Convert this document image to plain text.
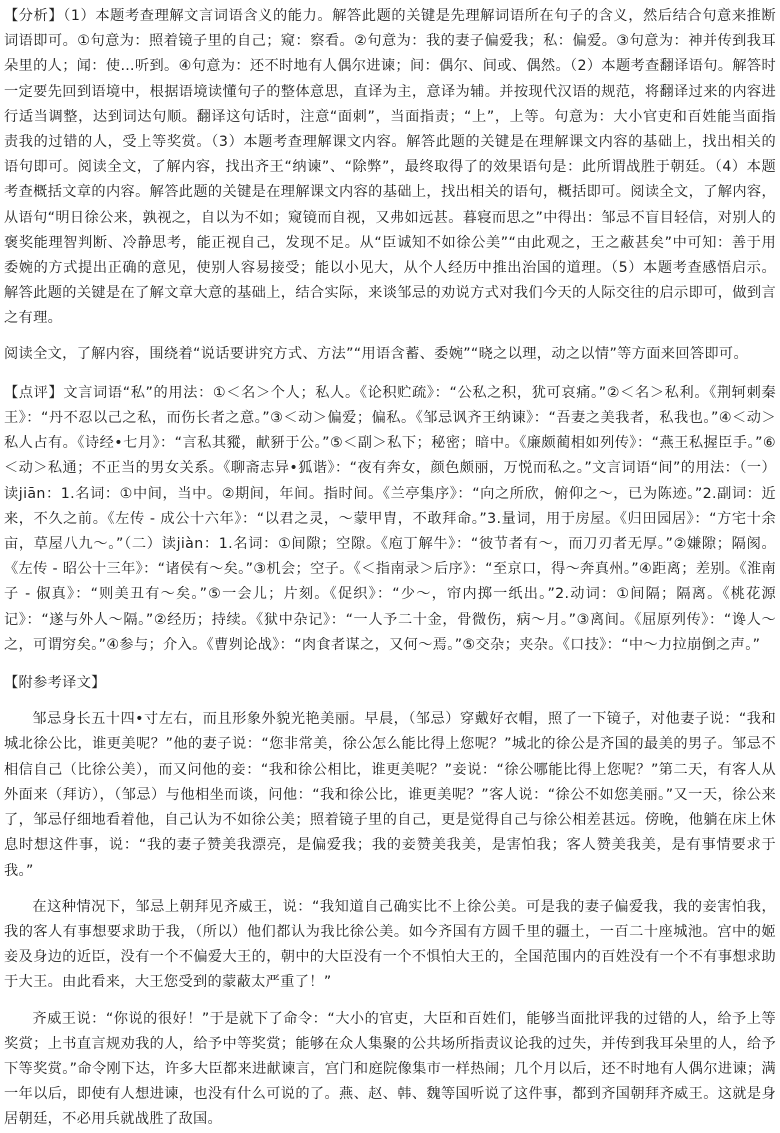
【分析】（1）本题考查理解文言词语含义的能力。解答此题的关键是先理解词语所在句子的含义，然后结合句意来推断词语即可。①句意为：照着镜子里的自己；窥：察看。②句意为：我的妻子偏爱我；私：偏爱。③句意为：神并传到我耳朵里的人；闻：使…听到。④句意为：还不时地有人偶尔进谏；间：偶尔、间或、偶然。（2）本题考查翻译语句。解答时一定要先回到语境中，根据语境读懂句子的整体意思，直译为主，意译为辅。并按现代汉语的规范，将翻译过来的内容进行适当调整，达到词达句顺。翻译这句话时，注意“面刺”，当面指责；“上”，上等。句意为：大小官吏和百姓能当面指责我的过错的人，受上等奖赏。（3）本题考查理解课文内容。解答此题的关键是在理解课文内容的基础上，找出相关的语句即可。阅读全文，了解内容，找出齐王“纳谏”、“除弊”，最终取得了的效果语句是：此所谓战胜于朝廷。（4）本题考查概括文章的内容。解答此题的关键是在理解课文内容的基础上，找出相关的语句，概括即可。阅读全文，了解内容，从语句“明日徐公来，孰视之，自以为不如；窥镜而自视，又弗如远甚。暮寝而思之”中得出：邹忌不盲目轻信，对别人的褒奖能理智判断、冷静思考，能正视自己，发现不足。从“臣诚知不如徐公美”“由此观之，王之蔽甚矣”中可知：善于用委婉的方式提出正确的意见，使别人容易接受；能以小见大，从个人经历中推出治国的道理。（5）本题考查感悟启示。解答此题的关键是在了解文章大意的基础上，结合实际，来谈邹忌的劝说方式对我们今天的人际交往的启示即可，做到言之有理。

阅读全文，了解内容，围绕着“说话要讲究方式、方法”“用语含蓄、委婉”“晓之以理，动之以情”等方面来回答即可。

【点评】文言词语“私”的用法：①＜名＞个人；私人。《论积贮疏》：“公私之积，犹可哀痛。”②＜名＞私利。《荆轲刺秦王》：“丹不忍以己之私，而伤长者之意。”③＜动＞偏爱；偏私。《邹忌讽齐王纳谏》：“吾妻之美我者，私我也。”④＜动＞私人占有。《诗经•七月》：“言私其豵，献豜于公。”⑤＜副＞私下；秘密；暗中。《廉颇蔺相如列传》：“燕王私握臣手。”⑥＜动＞私通；不正当的男女关系。《聊斋志异•狐谐》：“夜有奔女，颜色颇丽，万悦而私之。”文言词语“间”的用法：（一）读jiān：1.名词：①中间，当中。②期间，年间。指时间。《兰亭集序》：“向之所欣，俯仰之～，已为陈迹。”2.副词：近来，不久之前。《左传 - 成公十六年》：“以君之灵，～蒙甲胄，不敢拜命。”3.量词，用于房屋。《归田园居》：“方宅十余亩，草屋八九～。”（二）读jiàn：1.名词：①间隙；空隙。《庖丁解牛》：“彼节者有～，而刀刃者无厚。”②嫌隙；隔阂。《左传 - 昭公十三年》：“诸侯有～矣。”③机会；空子。《＜指南录＞后序》：“至京口，得～奔真州。”④距离；差别。《淮南子 - 俶真》：“则美丑有～矣。”⑤一会儿；片刻。《促织》：“少～，帘内掷一纸出。”2.动词：①间隔；隔离。《桃花源记》：“遂与外人～隔。”②经历；持续。《狱中杂记》：“一人予二十金，骨微伤，病～月。”③离间。《屈原列传》：“谗人～之，可谓穷矣。”④参与；介入。《曹刿论战》：“肉食者谋之，又何～焉。”⑤交杂；夹杂。《口技》：“中～力拉崩倒之声。”

【附参考译文】

邹忌身长五十四•寸左右，而且形象外貌光艳美丽。早晨，（邹忌）穿戴好衣帽，照了一下镜子，对他妻子说：“我和城北徐公比，谁更美呢？”他的妻子说：“您非常美，徐公怎么能比得上您呢？”城北的徐公是齐国的最美的男子。邹忌不相信自己（比徐公美），而又问他的妾：“我和徐公相比，谁更美呢？”妾说：“徐公哪能比得上您呢？”第二天，有客人从外面来（拜访），（邹忌）与他相坐而谈，问他：“我和徐公比，谁更美呢？”客人说：“徐公不如您美丽。”又一天，徐公来了，邹忌仔细地看着他，自己认为不如徐公美；照着镜子里的自己，更是觉得自己与徐公相差甚远。傍晚，他躺在床上休息时想这件事，说：“我的妻子赞美我漂亮，是偏爱我；我的妾赞美我美，是害怕我；客人赞美我美，是有事情要求于我。”

在这种情况下，邹忌上朝拜见齐威王，说：“我知道自己确实比不上徐公美。可是我的妻子偏爱我，我的妾害怕我，我的客人有事想要求助于我，（所以）他们都认为我比徐公美。如今齐国有方圆千里的疆土，一百二十座城池。宫中的姬妾及身边的近臣，没有一个不偏爱大王的，朝中的大臣没有一个不惧怕大王的，全国范围内的百姓没有一个不有事想求助于大王。由此看来，大王您受到的蒙蔽太严重了！”

齐威王说：“你说的很好！”于是就下了命令：“大小的官吏，大臣和百姓们，能够当面批评我的过错的人，给予上等奖赏；上书直言规劝我的人，给予中等奖赏；能够在众人集聚的公共场所指责议论我的过失，并传到我耳朵里的人，给予下等奖赏。”命令刚下达，许多大臣都来进献谏言，宫门和庭院像集市一样热闹；几个月以后，还不时地有人偶尔进谏；满一年以后，即使有人想进谏，也没有什么可说的了。燕、赵、韩、魏等国听说了这件事，都到齐国朝拜齐威王。这就是身居朝廷，不必用兵就战胜了敌国。
